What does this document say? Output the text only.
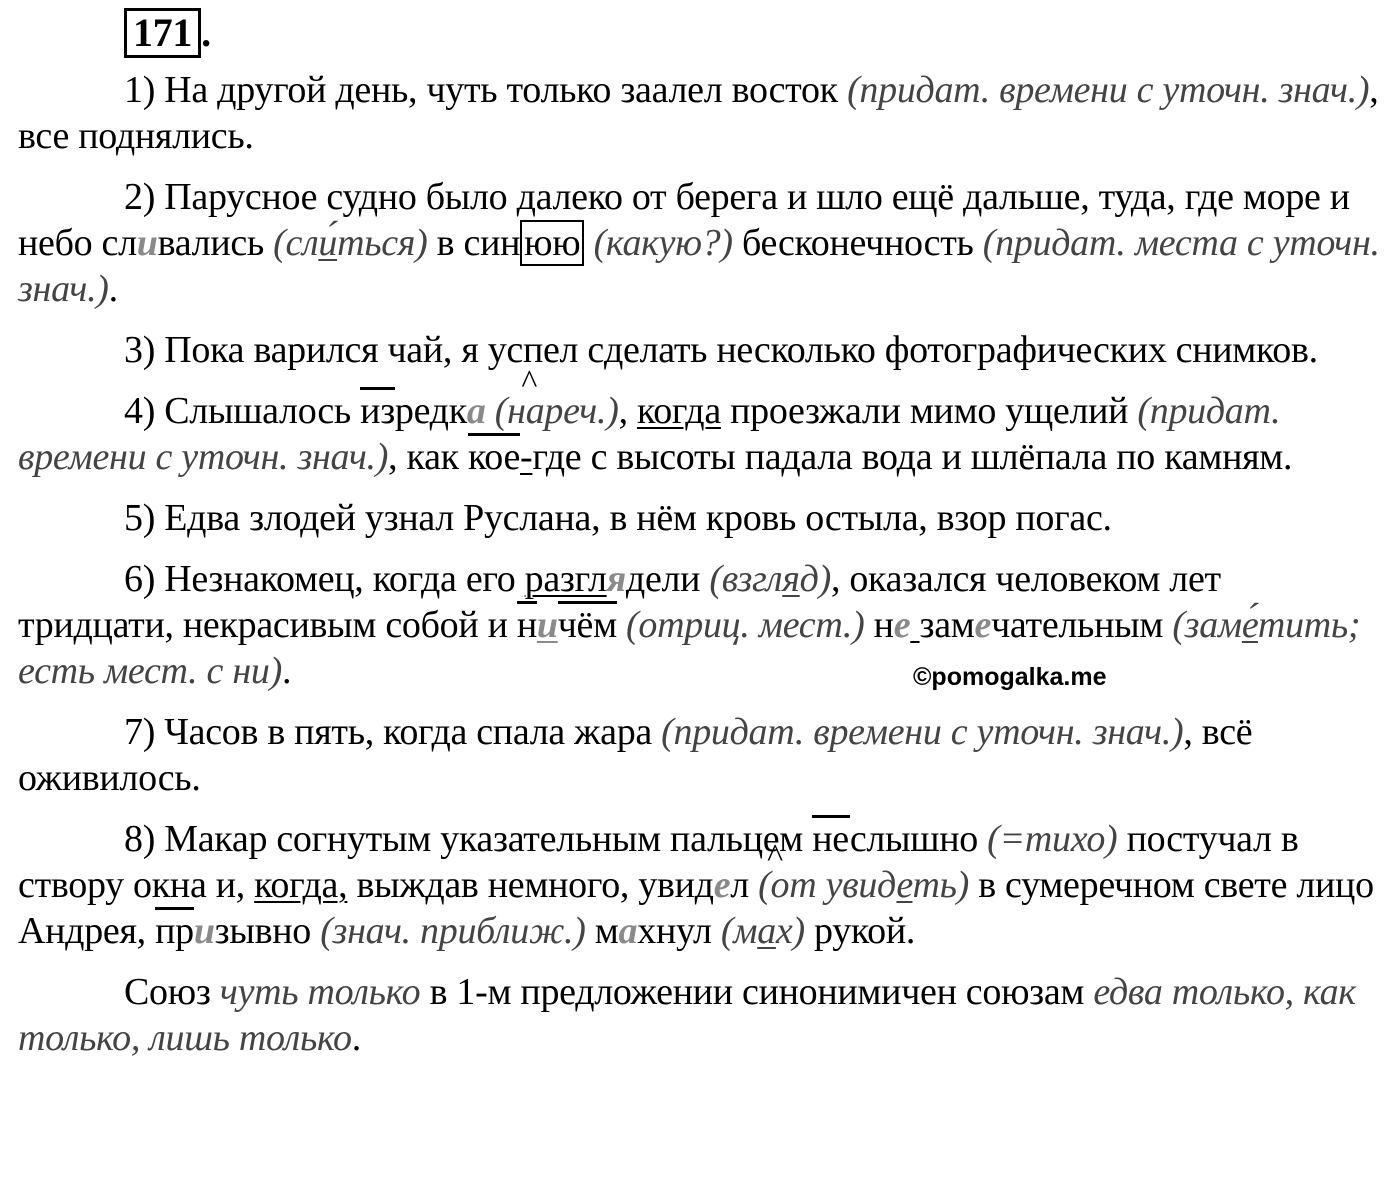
171 .

1) На другой день, чуть только заалел восток (придат. времени с уточн. знач.), все поднялись.

2) Парусное судно было далеко от берега и шло ещё дальше, туда, где море и небо сливались (сли́ться) в син юю (какую?) бесконечность (придат. места с уточн. знач.).

3) Пока варился чай, я успел сделать несколько фотографических снимков.

4) Слышалось изредк^ а (нареч.), когда проезжали мимо ущелий (придат. времени с уточн. знач.), как кое-где с высоты падала вода и шлёпала по камням.

5) Едва злодей узнал Руслана, в нём кровь остыла, взор погас.

6) Незнакомец, когда его разглядели (взгляд), оказался человеком лет тридцати, некрасивым собой и ничём (отриц. мест.) не замечательным (заме́тить; есть мест. с ни).

7) Часов в пять, когда спала жара (придат. времени с уточн. знач.), всё оживилось.

8) Макар согнутым указательным пальцем неслышно (=тихо) постучал в створу окна и, когда, выждав немного, увид^ ел (от увидеть) в сумеречном свете лицо Андрея, призывно (знач. приближ.) махнул (мах) рукой.

Союз чуть только в 1-м предложении синонимичен союзам едва только, как только, лишь только.

©pomogalka.me
